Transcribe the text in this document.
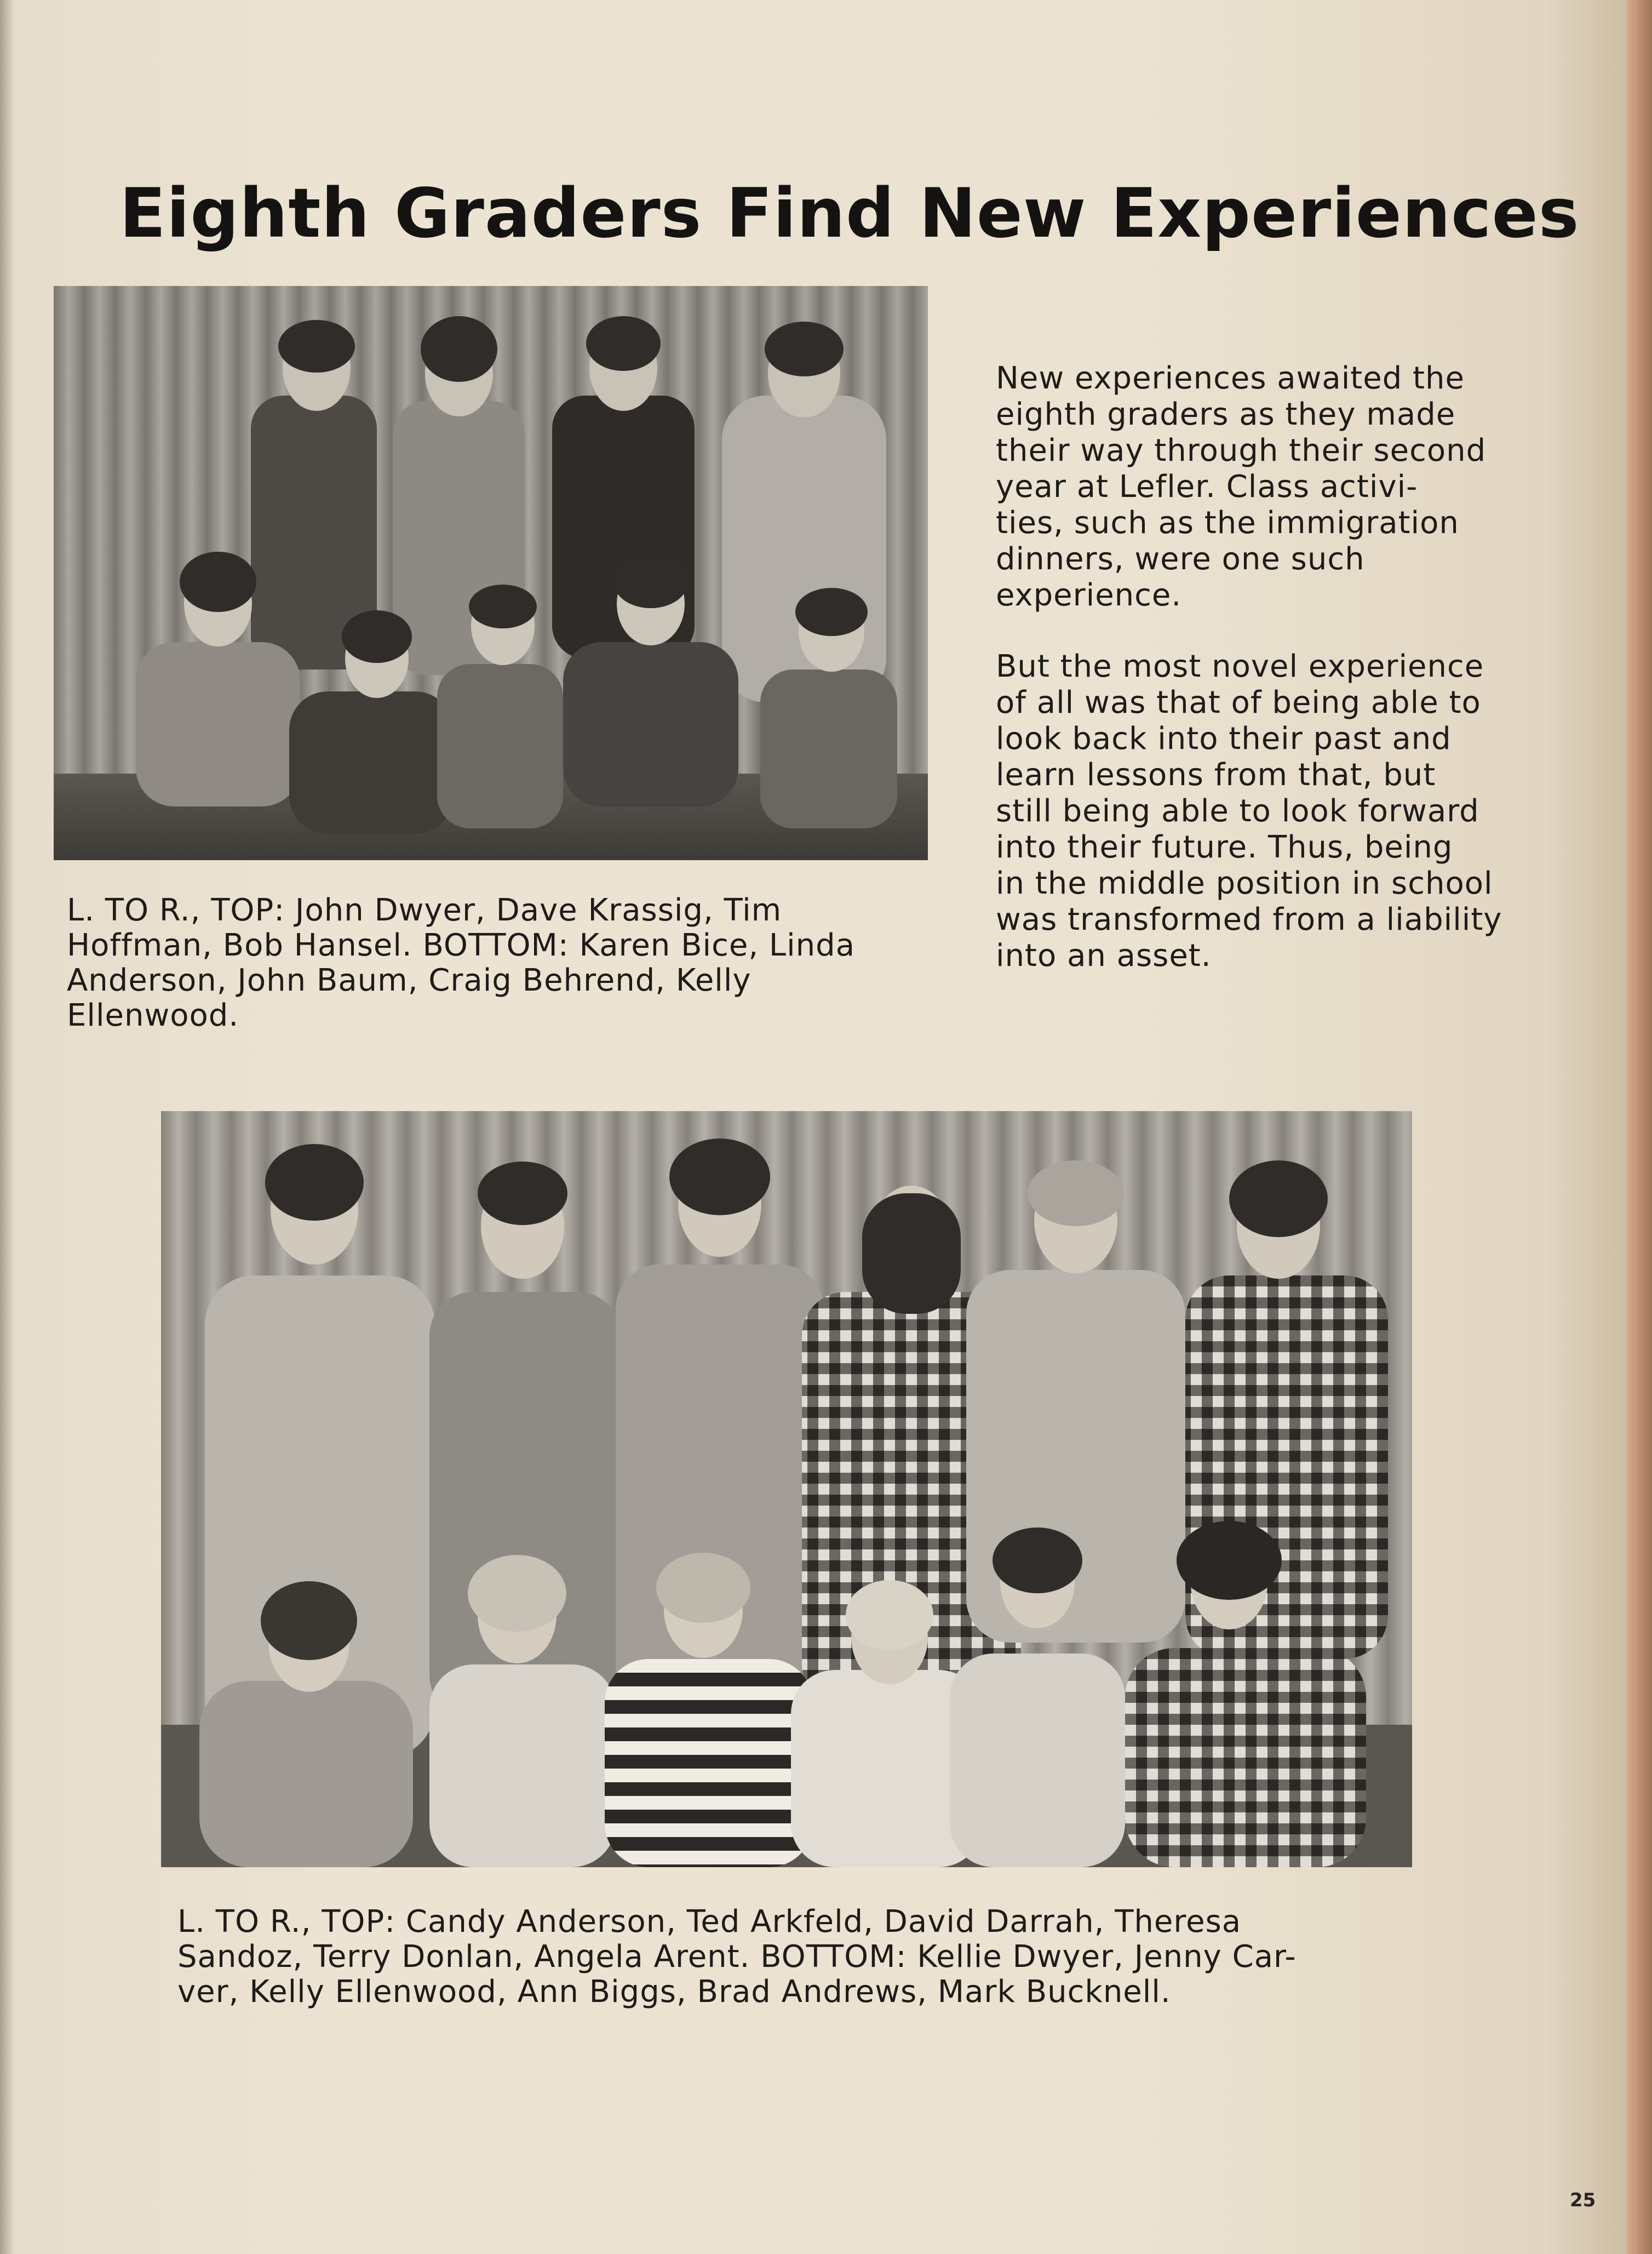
Eighth Graders Find New Experiences

L. TO R., TOP: John Dwyer, Dave Krassig, Tim
Hoffman, Bob Hansel. BOTTOM: Karen Bice, Linda
Anderson, John Baum, Craig Behrend, Kelly
Ellenwood.

New experiences awaited the
eighth graders as they made
their way through their second
year at Lefler. Class activi-
ties, such as the immigration
dinners, were one such
experience.

But the most novel experience
of all was that of being able to
look back into their past and
learn lessons from that, but
still being able to look forward
into their future. Thus, being
in the middle position in school
was transformed from a liability
into an asset.

L. TO R., TOP: Candy Anderson, Ted Arkfeld, David Darrah, Theresa
Sandoz, Terry Donlan, Angela Arent. BOTTOM: Kellie Dwyer, Jenny Car-
ver, Kelly Ellenwood, Ann Biggs, Brad Andrews, Mark Bucknell.

25
